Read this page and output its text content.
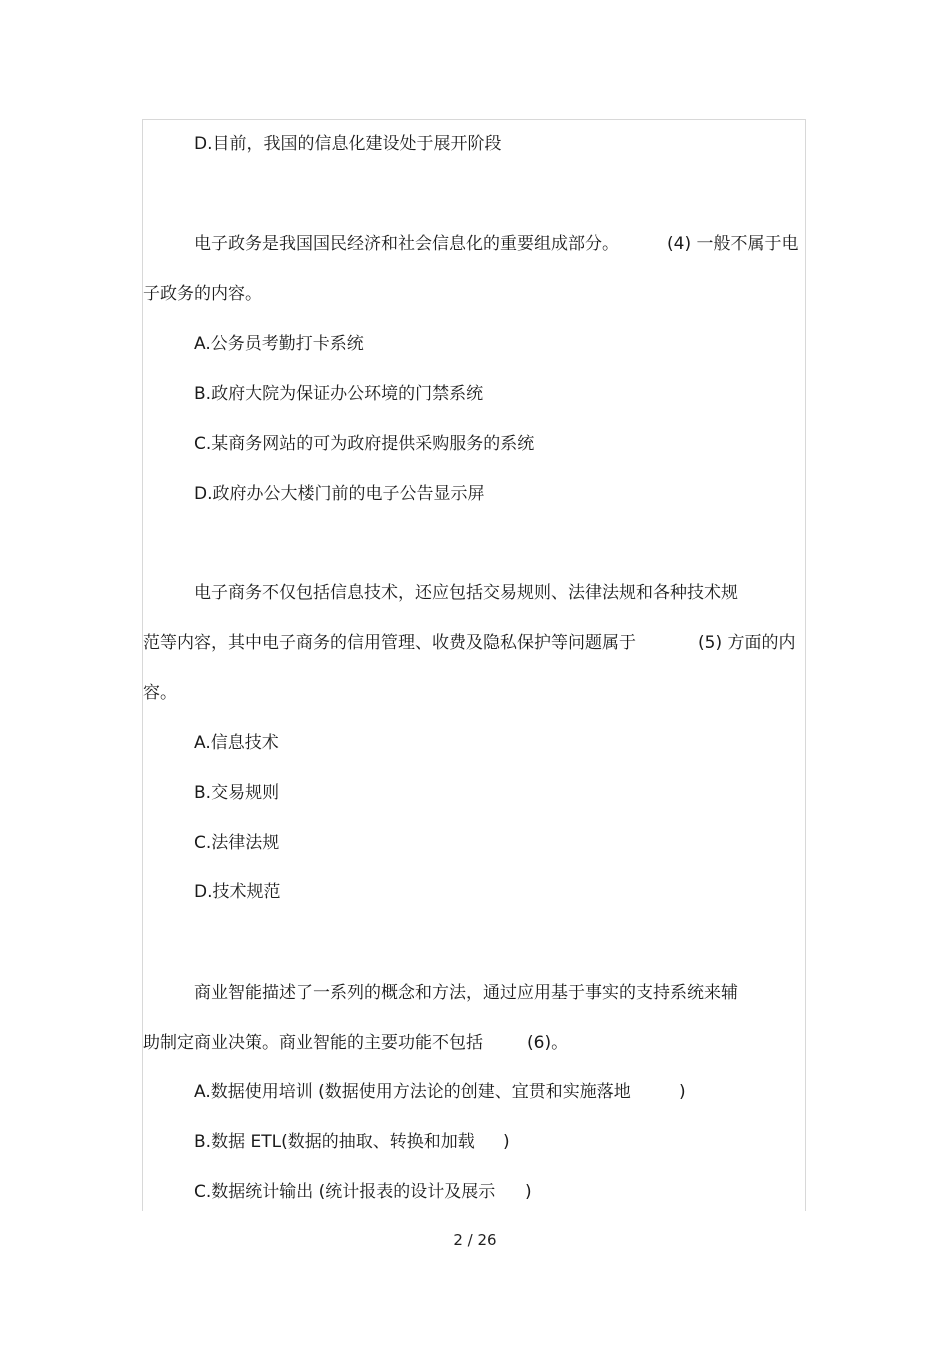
D.目前，我国的信息化建设处于展开阶段
电子政务是我国国民经济和社会信息化的重要组成部分。	(4) 一般不属于电
子政务的内容。
A.公务员考勤打卡系统
B.政府大院为保证办公环境的门禁系统
C.某商务网站的可为政府提供采购服务的系统
D.政府办公大楼门前的电子公告显示屏
电子商务不仅包括信息技术，还应包括交易规则、法律法规和各种技术规
范等内容，其中电子商务的信用管理、收费及隐私保护等问题属于	(5) 方面的内
容。
A.信息技术
B.交易规则
C.法律法规
D.技术规范
商业智能描述了一系列的概念和方法，通过应用基于事实的支持系统来辅
助制定商业决策。商业智能的主要功能不包括	(6)。
A.数据使用培训 (数据使用方法论的创建、宜贯和实施落地	)
B.数据 ETL(数据的抽取、转换和加载 )
C.数据统计输出 (统计报表的设计及展示 )
2 / 26
